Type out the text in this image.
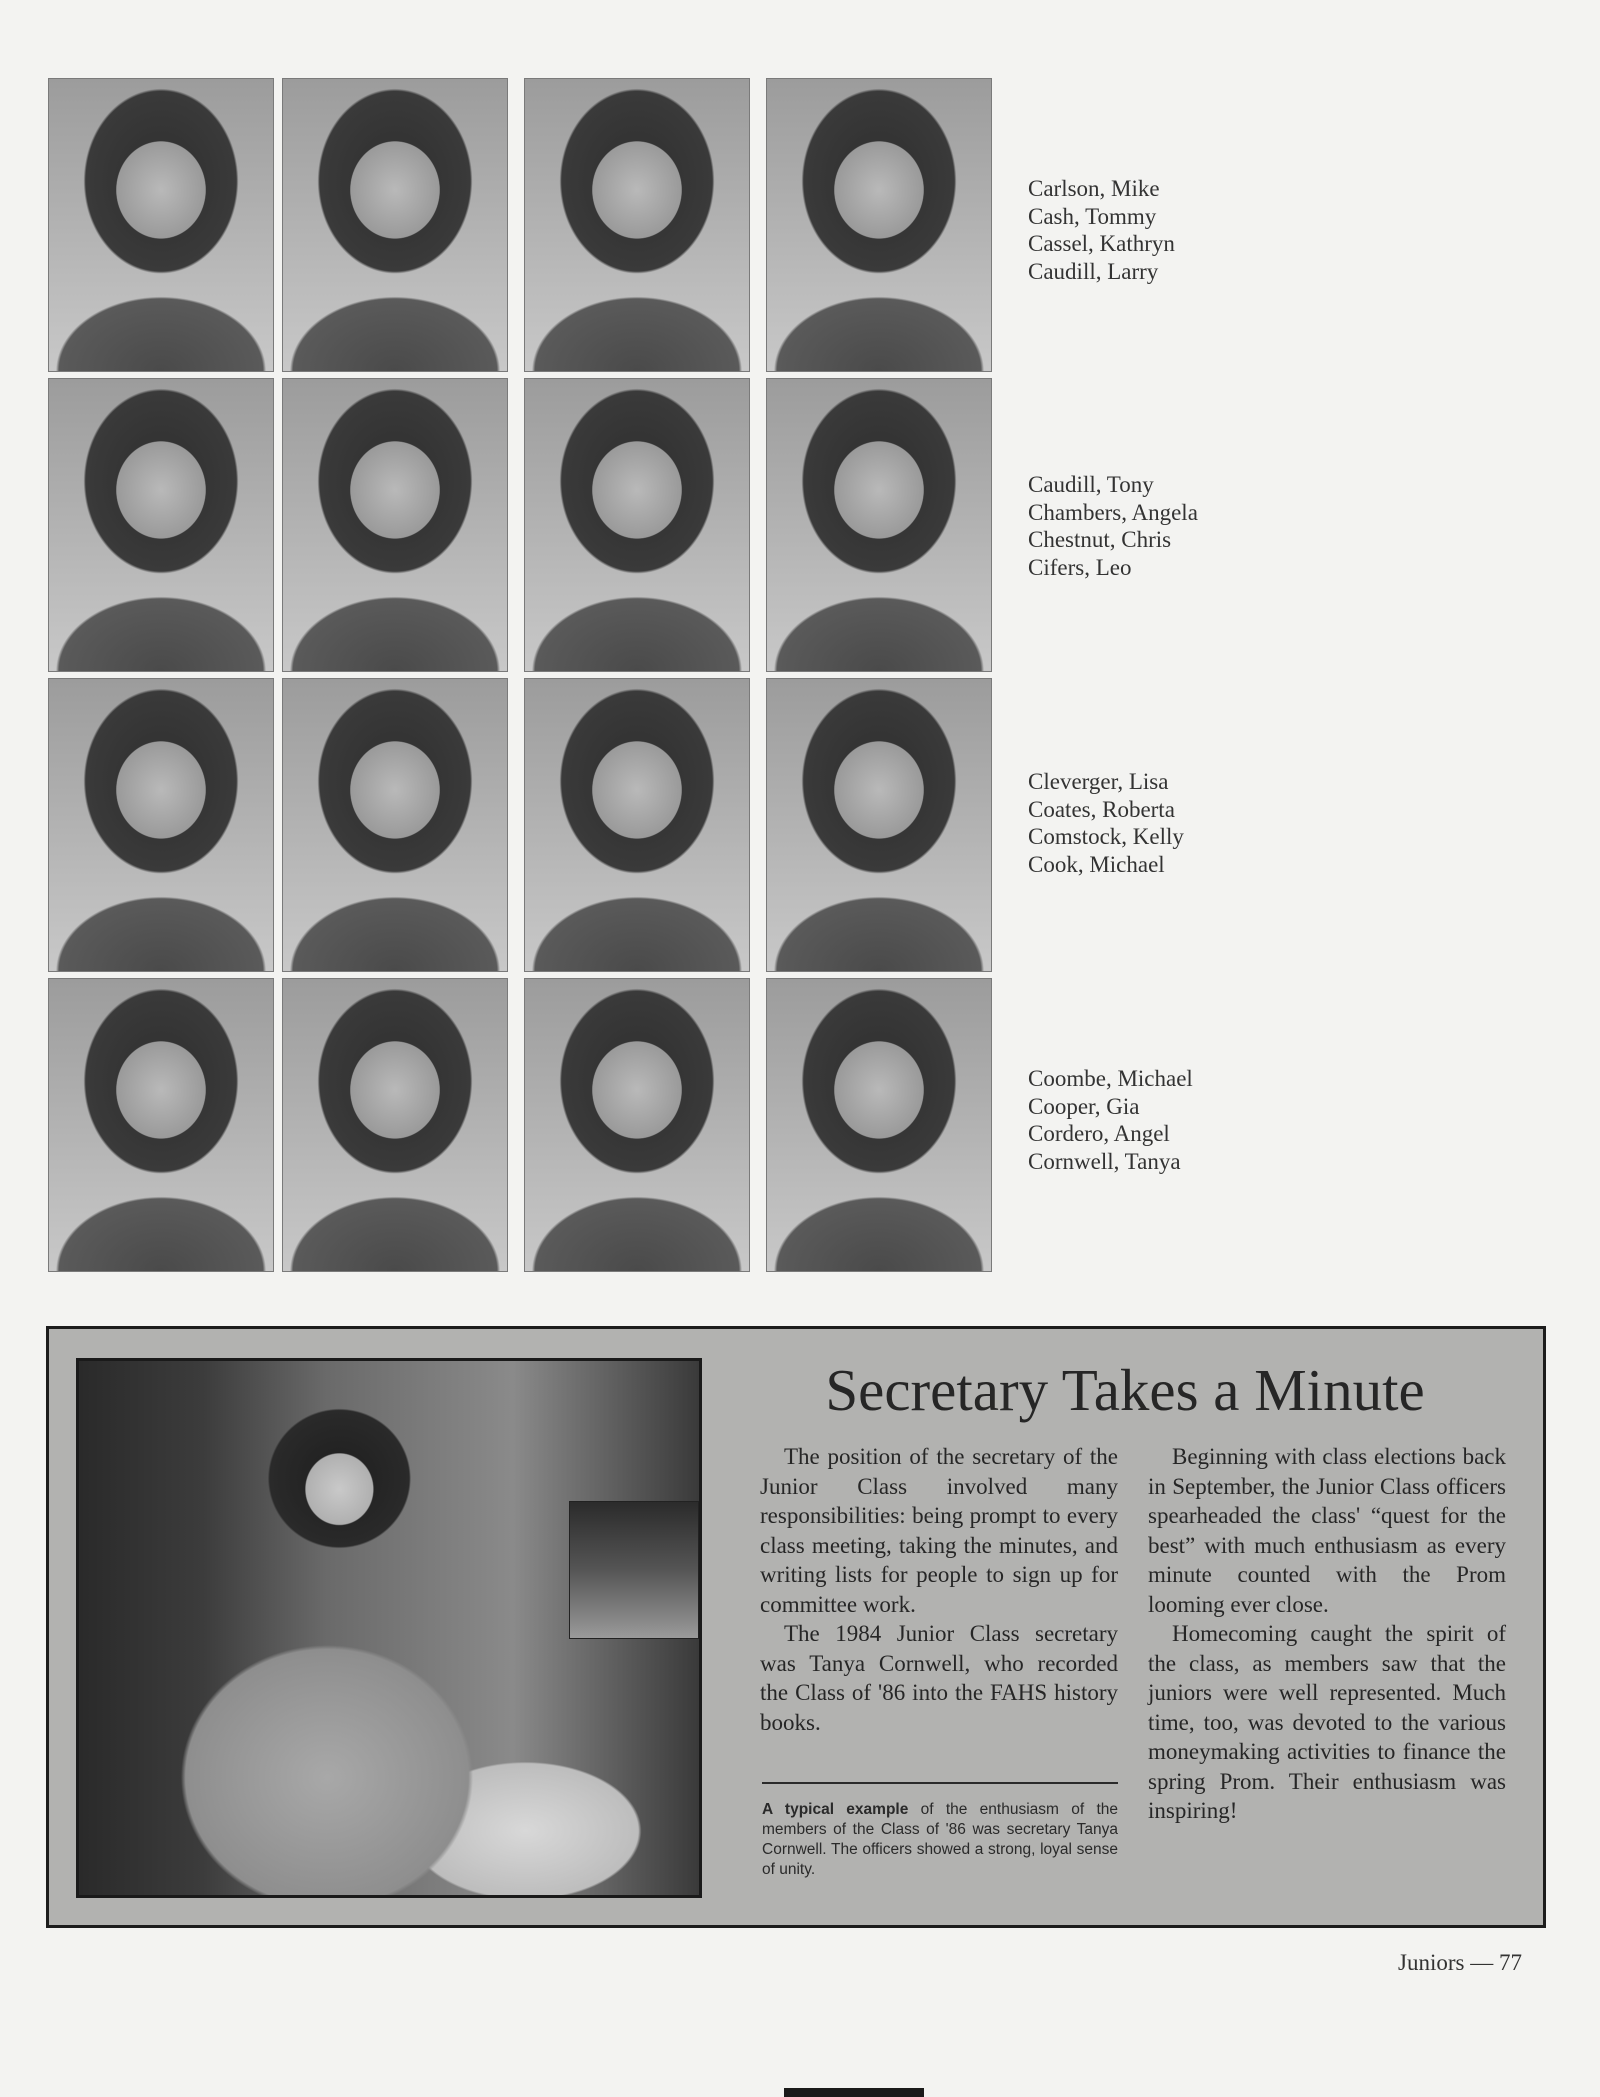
Carlson, Mike
Cash, Tommy
Cassel, Kathryn
Caudill, Larry
Caudill, Tony
Chambers, Angela
Chestnut, Chris
Cifers, Leo
Cleverger, Lisa
Coates, Roberta
Comstock, Kelly
Cook, Michael
Coombe, Michael
Cooper, Gia
Cordero, Angel
Cornwell, Tanya
Secretary Takes a Minute

The position of the secretary of the Junior Class involved many responsibilities: being prompt to every class meeting, taking the minutes, and writing lists for people to sign up for committee work.

The 1984 Junior Class secretary was Tanya Cornwell, who recorded the Class of '86 into the FAHS history books.

A typical example of the enthusiasm of the members of the Class of '86 was secretary Tanya Cornwell. The officers showed a strong, loyal sense of unity.

Beginning with class elections back in September, the Junior Class officers spearheaded the class' “quest for the best” with much enthusiasm as every minute counted with the Prom looming ever close.

Homecoming caught the spirit of the class, as members saw that the juniors were well represented. Much time, too, was devoted to the various moneymaking activities to finance the spring Prom. Their enthusiasm was inspiring!

Juniors — 77
